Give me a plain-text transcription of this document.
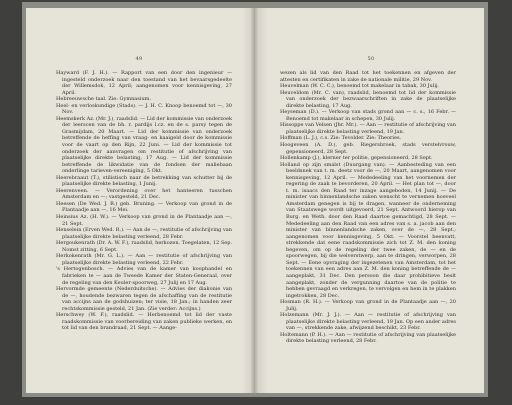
49

Hayward (F. J. H.). — Rapport van een door den ingenieur — ingesteld onderzoek naar den toestand van het bevaarsgedeelte der Willemsdok, 12 April; aangenomen voor kennisgeving, 27 April.

Hebreeuwsche taal. Zie: Gymnasium.

Heel- en verloskundige (Stads). — J. H. C. Knoop benoemd tot —, 30 Nov.

Heemskerk Az. (Mr. J.), raadslid. — Lid der kommissie van onderzoek der leerscen van de bh. r. pardijs l.cz. en de s. parsy tegen de Grasmijdam, 20 Maart. — Lid der kommissie van onderzoek betreffende de heffing van vraag- en kaaigeld door de kommissie voor de vaart op den Rijn, 22 Juni. — Lid der kommissie tot onderzoek der aanvragen om restitutie of afschrijving van plaatselijke direkte belasting, 17 Aug. — Lid der kommissie betreffende de likwidatie van de fondsen der maliebaan onderlinge tarieven-vereeniging, 5 Okt.

Heerebraaut (T.), stilistisch naar de betrekking van schutter bij de plaatselijke direkte belasting, 1 Junij.

Heerenveen. — Verordening over het hanteeren tusschen Amsterdam en —; vastgesteld, 21 Dec.

Heesen (De Wed. J. B.) geb. Bruning. — Verkoop van grond in de Plantaadje aan —, 16 Mei.

Heinsius Az. (H. W.). — Verkoop van grond in de Plantaadje aan —, 21 Sept.

Henselein (Erven Wed. R.). — Aan de —, restitutie of afschrijving van plaatselijke direkte belasting verleend, 28 Febr.

Hergoukenrath (Dr. A. W. F.), raadslid, herkozen. Toegelaten, 12 Sep. Nomst zitting, 6 Sept.

Herkokenrath (Mr. G. L.). — Aan — restitutie of afschrijving van plaatselijke direkte belasting verleend, 22 Febr.

's Hertogenbosch. — Advies van de kamer van koophandel en fabrieken te — aan de Tweede Kamer der Staten-Generaal, over de regeling van den Keuler-spoorweg, 27 Julij en 17 Aug.

Hervormde gemeente (Nederduitsche). — Advies der diakonie van de —, houdende bezwaren tegen de afschaffing van de restitutie van accijns aan de godshuizen; ter visie, 18 Jan.; in handen zeer rechtskommissie gesteld, 21 Jan. (Zie verder: Accijns.)

Herschwey (W. F.), raadslid. — Herbenoemd tot lid der vaste raadskommissie van voorbereiding van zaken publieke werken, en tot lid van den brandraad, 21 Sept. — Aange-

50

wezen als lid van den Raad tot het toekennen en afgeven der attesten en certifikaten in zake de nationale militie, 29 Nov.

Heuvelman (W. C. C.), benoemd tot makelaar in tabak, 30 Julij.

Heuveldom (Mr. C. van), raadslid, benoemd tot lid der kommissie van onderzoek der bezwaarschriften in zake de plaatselijke direkte belasting, 17 Aug.

Heyseman (D.). — Verkoop van stads grond aan — c. s., 16 Febr. — Benoemd tot makelaar in schepen, 30 Julij.

Hissoppe van Velsen (Jhr. Mr.). — Aan — restitutie of afschrijving van plaatselijke direkte belasting verleend, 19 Jan.

Hoffman (L. J.), c.s. Zie: Tevolder. Zie: Theories.

Hoogeveen (A. D.), geb. Riegersbroek, stads verstelvrouw, gepensioneerd, 28 Sept.

Hollenkamp (J.), klerner ter politie, gepensioneerd, 28 Sept.

Holland op zijn smalst (Duurgang van). — Aanbesteding van een beeldsnek van t. m. deetz voor de —, 20 Maart, aangenomen voor kennisgeving, 12 April. — Mededeeling van het voornemen der regering de zaak te bevorderen, 20 April. — Het plan tot —, door t. m. isaacs den Raad ter inzage aangeboden, 14 Junij. — De minister van binnenlandsche zaken wenscht te vernemen hoeveel Amsterdam genegen is bij te dragen, wanneer de onderneming van Staatswege wordt uitgevoerd, 21 Sept. Antwoord hierop van Burg. en Weth. door den Raad daartoe gemachtigd, 28 Sept. — Mededeeling aan den Raad van een adres van s. a. jacob aan den minister van binnenlandsche zaken, over de —, 28 Sept.; aangenomen voor kennisgeving, 5 Okt. — Voorstel beenvatt, strekkende dat eene raadskommissie zich tot Z. M. den koning begeven, om op de regeling der twee zaken, de — en de spoorwegen, bij die welverstwerp, aan te dringen, verworpen, 28 Sept. — Eene opvraging der ingezetenen van Amsterdam, tot het toekennen van een adres aan Z. M. den koning betreffende de — aangeplakt, 31 Dec. Den persoon die daar prohibitieve beslt aangeplakt, zonder de vergunning daartoe van de politie te hebben gevraagd en verkregen, te vervolgen en hem in te plakken ingetrokken, 28 Dec.

Hosman (R. H.). — Verkoop van grond in de Plantaadje aan —, 20 Julij.

Holzemann (Mr. J. J.). — Aan — restitutie of afschrijving van plaatselijke direkte belasting verleend, 19 Jan. Op een ander adres van —, strekkende zake, afwijzend beschikt, 23 Febr.

Holtemann (P. H.). — Aan — restitutie of afschrijving van plaatselijke direkte belasting verleend, 28 Febr.
